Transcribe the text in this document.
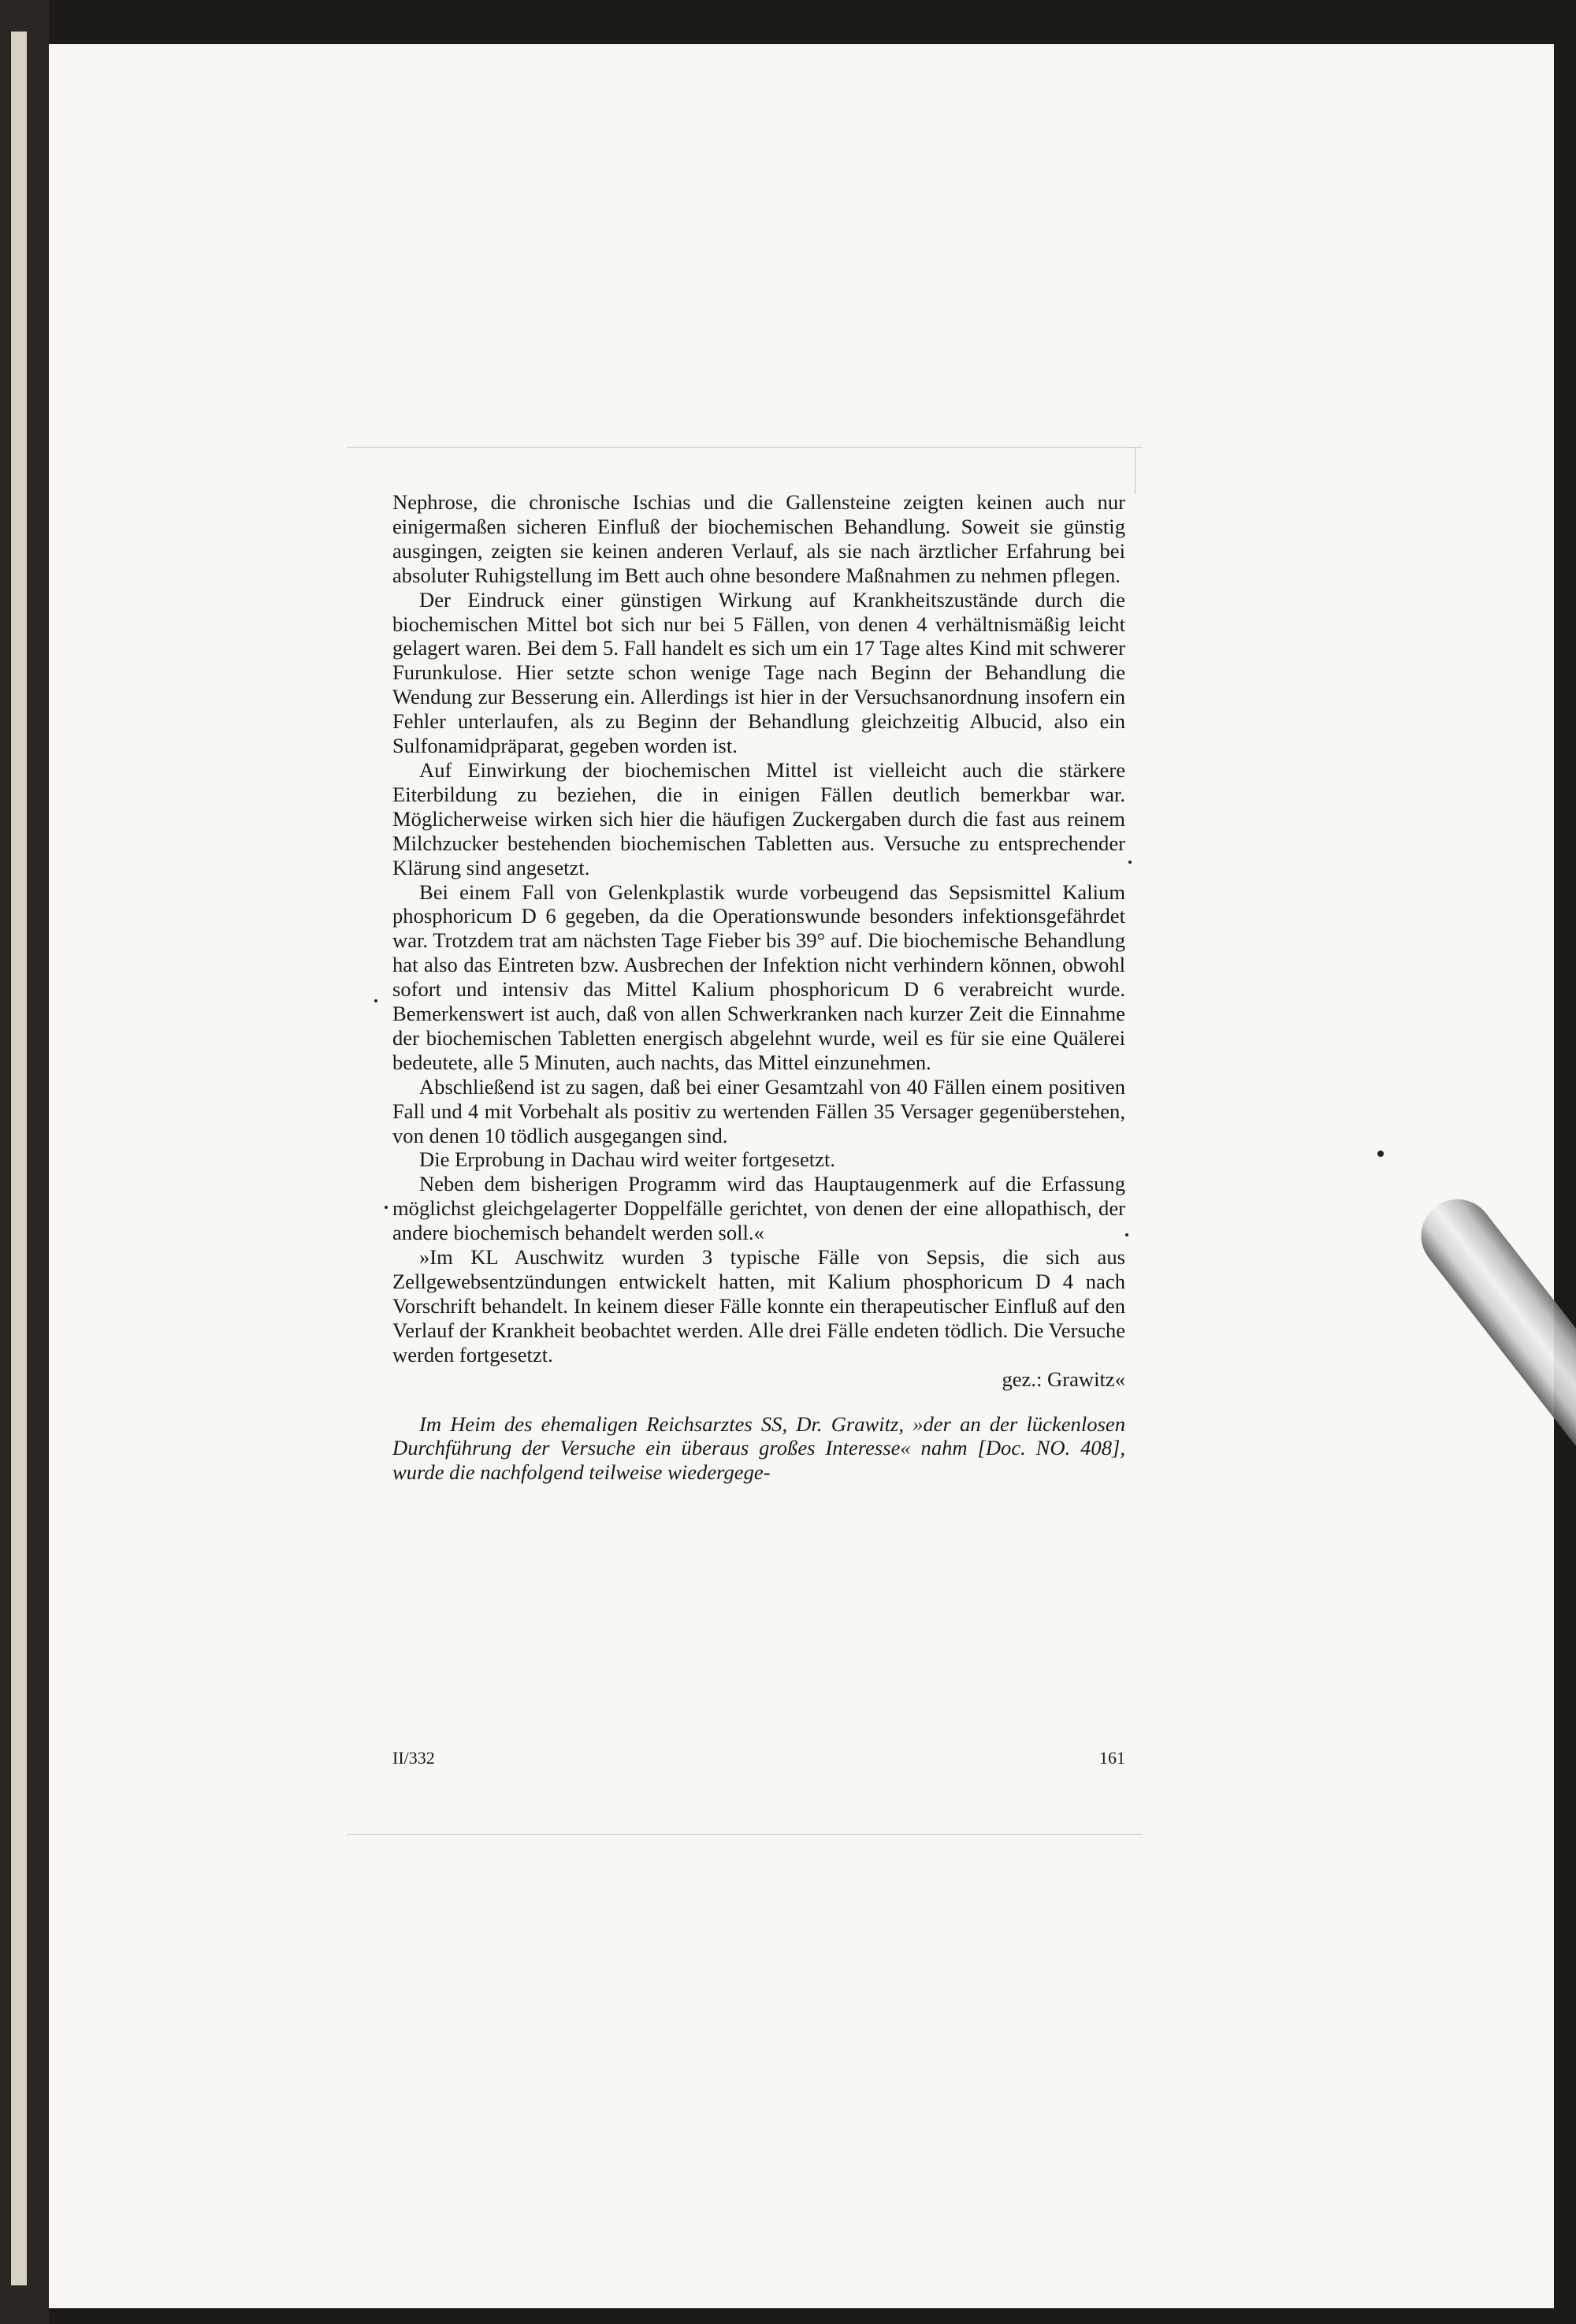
Nephrose, die chronische Ischias und die Gallensteine zeigten keinen auch nur einigermaßen sicheren Einfluß der biochemischen Behandlung. Soweit sie günstig ausgingen, zeigten sie keinen anderen Verlauf, als sie nach ärztlicher Erfahrung bei absoluter Ruhigstellung im Bett auch ohne besondere Maßnahmen zu nehmen pflegen.

Der Eindruck einer günstigen Wirkung auf Krankheitszustände durch die biochemischen Mittel bot sich nur bei 5 Fällen, von denen 4 verhältnismäßig leicht gelagert waren. Bei dem 5. Fall handelt es sich um ein 17 Tage altes Kind mit schwerer Furunkulose. Hier setzte schon wenige Tage nach Beginn der Behandlung die Wendung zur Besserung ein. Allerdings ist hier in der Versuchsanordnung insofern ein Fehler unterlaufen, als zu Beginn der Behandlung gleichzeitig Albucid, also ein Sulfonamidpräparat, gegeben worden ist.

Auf Einwirkung der biochemischen Mittel ist vielleicht auch die stärkere Eiterbildung zu beziehen, die in einigen Fällen deutlich bemerkbar war. Möglicherweise wirken sich hier die häufigen Zuckergaben durch die fast aus reinem Milchzucker bestehenden biochemischen Tabletten aus. Versuche zu entsprechender Klärung sind angesetzt.

Bei einem Fall von Gelenkplastik wurde vorbeugend das Sepsismittel Kalium phosphoricum D 6 gegeben, da die Operationswunde besonders infektionsgefährdet war. Trotzdem trat am nächsten Tage Fieber bis 39° auf. Die biochemische Behandlung hat also das Eintreten bzw. Ausbrechen der Infektion nicht verhindern können, obwohl sofort und intensiv das Mittel Kalium phosphoricum D 6 verabreicht wurde. Bemerkenswert ist auch, daß von allen Schwerkranken nach kurzer Zeit die Einnahme der biochemischen Tabletten energisch abgelehnt wurde, weil es für sie eine Quälerei bedeutete, alle 5 Minuten, auch nachts, das Mittel einzunehmen.

Abschließend ist zu sagen, daß bei einer Gesamtzahl von 40 Fällen einem positiven Fall und 4 mit Vorbehalt als positiv zu wertenden Fällen 35 Versager gegenüberstehen, von denen 10 tödlich ausgegangen sind.

Die Erprobung in Dachau wird weiter fortgesetzt.

Neben dem bisherigen Programm wird das Hauptaugenmerk auf die Erfassung möglichst gleichgelagerter Doppelfälle gerichtet, von denen der eine allopathisch, der andere biochemisch behandelt werden soll.«

»Im KL Auschwitz wurden 3 typische Fälle von Sepsis, die sich aus Zellgewebsentzündungen entwickelt hatten, mit Kalium phosphoricum D 4 nach Vorschrift behandelt. In keinem dieser Fälle konnte ein therapeutischer Einfluß auf den Verlauf der Krankheit beobachtet werden. Alle drei Fälle endeten tödlich. Die Versuche werden fortgesetzt.

gez.: Grawitz«

Im Heim des ehemaligen Reichsarztes SS, Dr. Grawitz, »der an der lückenlosen Durchführung der Versuche ein überaus großes Interesse« nahm [Doc. NO. 408], wurde die nachfolgend teilweise wiedergege-

II/332	161
